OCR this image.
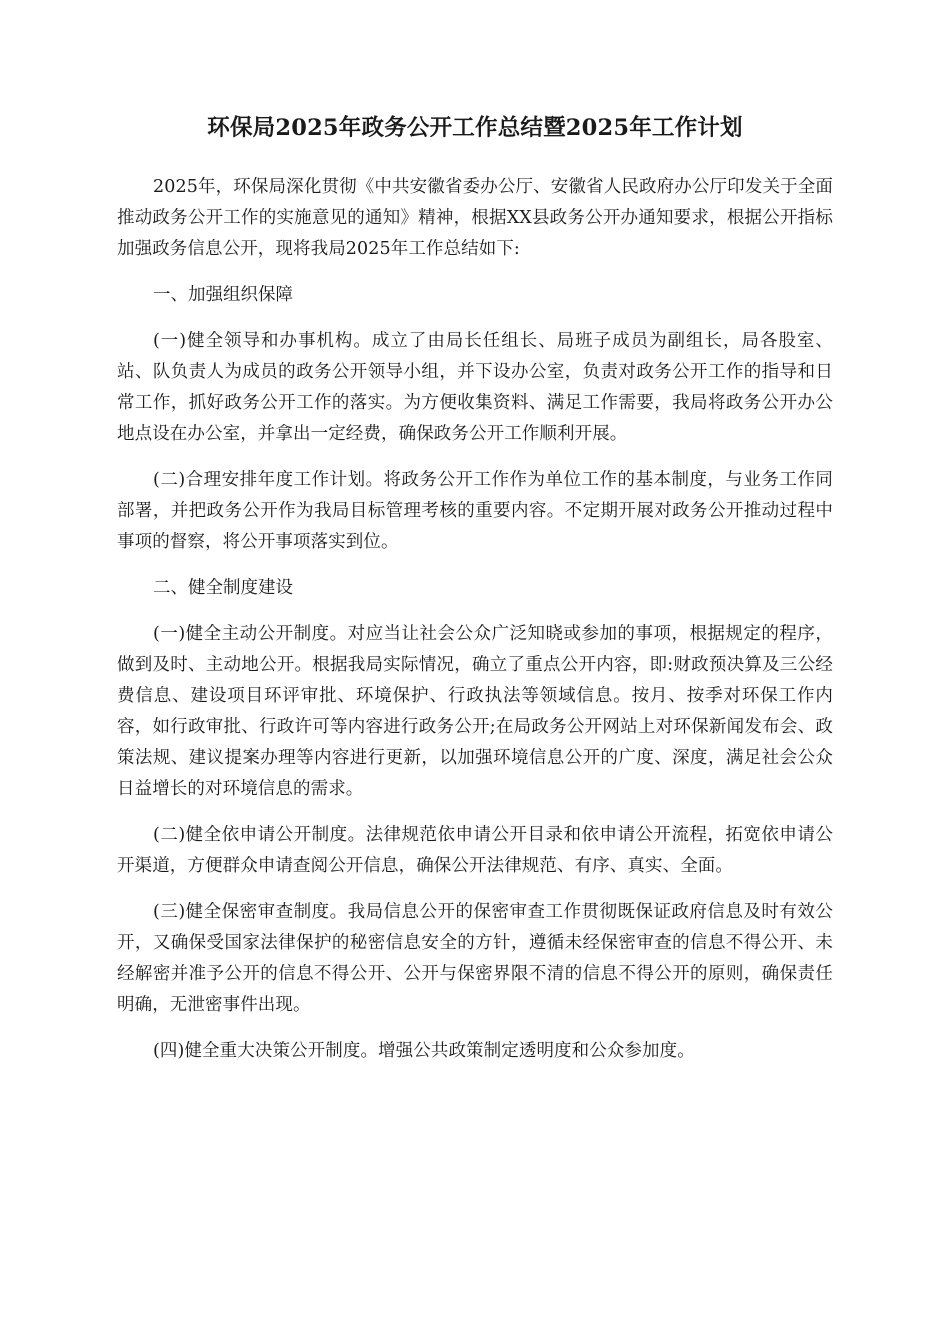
环保局2025年政务公开工作总结暨2025年工作计划

2025年，环保局深化贯彻《中共安徽省委办公厅、安徽省人民政府办公厅印发关于全面推动政务公开工作的实施意见的通知》精神，根据XX县政务公开办通知要求，根据公开指标加强政务信息公开，现将我局2025年工作总结如下:

一、加强组织保障

(一)健全领导和办事机构。成立了由局长任组长、局班子成员为副组长，局各股室、站、队负责人为成员的政务公开领导小组，并下设办公室，负责对政务公开工作的指导和日常工作，抓好政务公开工作的落实。为方便收集资料、满足工作需要，我局将政务公开办公地点设在办公室，并拿出一定经费，确保政务公开工作顺利开展。

(二)合理安排年度工作计划。将政务公开工作作为单位工作的基本制度，与业务工作同部署，并把政务公开作为我局目标管理考核的重要内容。不定期开展对政务公开推动过程中事项的督察，将公开事项落实到位。

二、健全制度建设

(一)健全主动公开制度。对应当让社会公众广泛知晓或参加的事项，根据规定的程序，做到及时、主动地公开。根据我局实际情况，确立了重点公开内容，即:财政预决算及三公经费信息、建设项目环评审批、环境保护、行政执法等领域信息。按月、按季对环保工作内容，如行政审批、行政许可等内容进行政务公开;在局政务公开网站上对环保新闻发布会、政策法规、建议提案办理等内容进行更新，以加强环境信息公开的广度、深度，满足社会公众日益增长的对环境信息的需求。

(二)健全依申请公开制度。法律规范依申请公开目录和依申请公开流程，拓宽依申请公开渠道，方便群众申请查阅公开信息，确保公开法律规范、有序、真实、全面。

(三)健全保密审查制度。我局信息公开的保密审查工作贯彻既保证政府信息及时有效公开，又确保受国家法律保护的秘密信息安全的方针，遵循未经保密审查的信息不得公开、未经解密并准予公开的信息不得公开、公开与保密界限不清的信息不得公开的原则，确保责任明确，无泄密事件出现。

(四)健全重大决策公开制度。增强公共政策制定透明度和公众参加度。
